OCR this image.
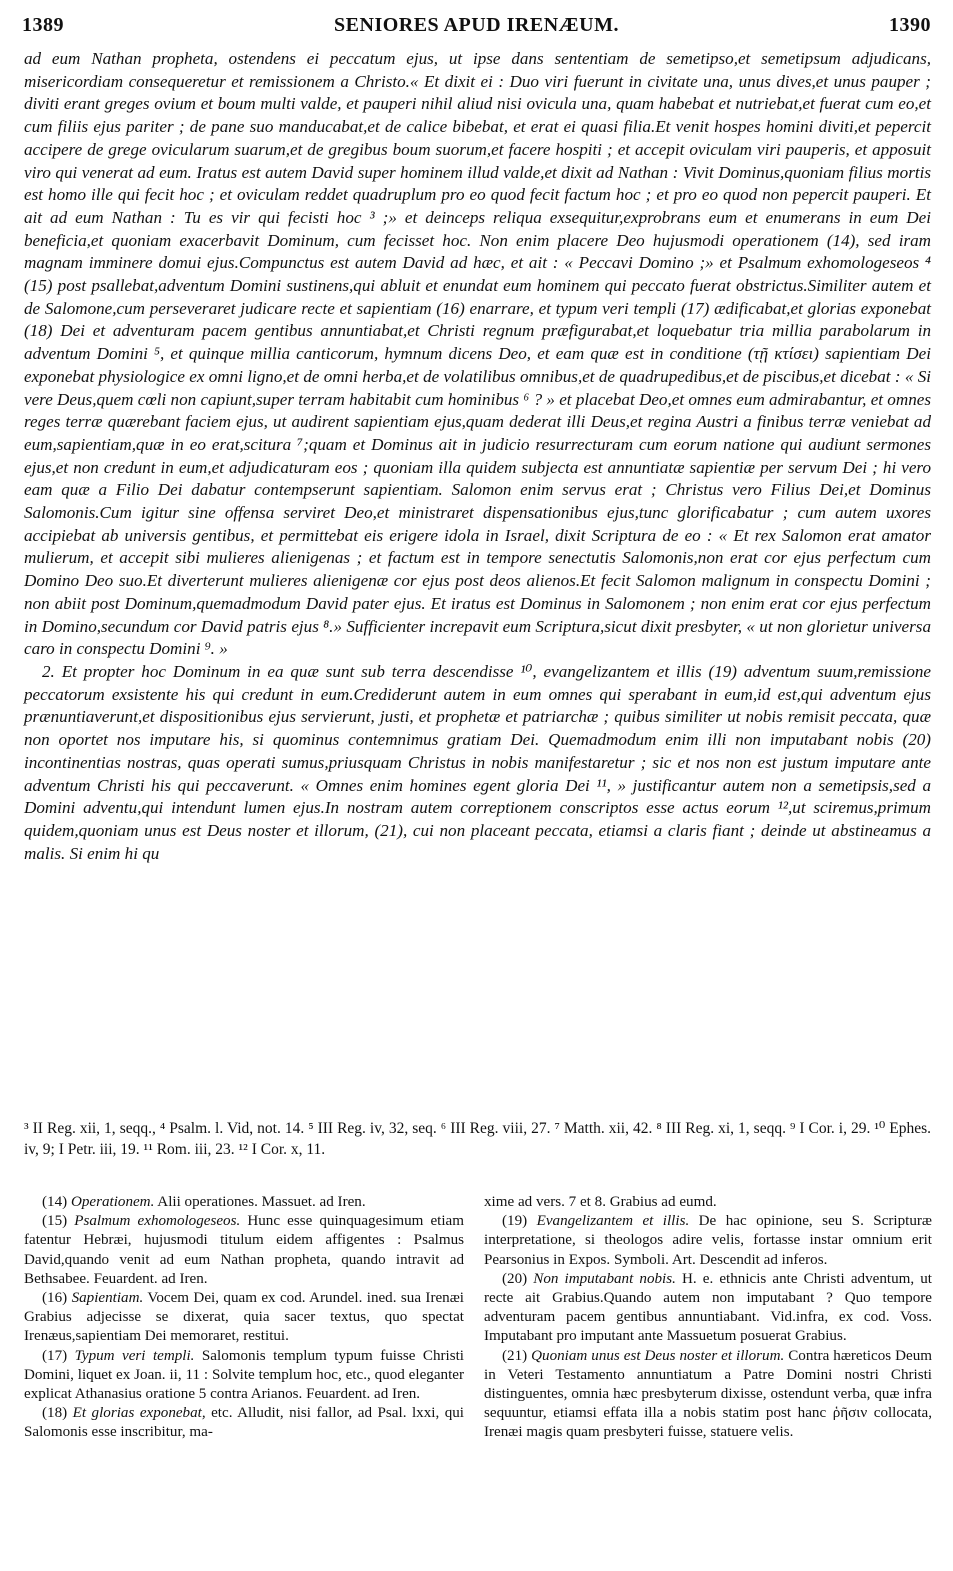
1389	SENIORES APUD IRENÆUM.	1390

ad eum Nathan propheta, ostendens ei peccatum ejus, ut ipse dans sententiam de semetipso,et semetipsum adjudicans, misericordiam consequeretur et remissionem a Christo.« Et dixit ei : Duo viri fuerunt in civitate una, unus dives,et unus pauper ; diviti erant greges ovium et boum multi valde, et pauperi nihil aliud nisi ovicula una, quam habebat et nutriebat,et fuerat cum eo,et cum filiis ejus pariter ; de pane suo manducabat,et de calice bibebat, et erat ei quasi filia.Et venit hospes homini diviti,et pepercit accipere de grege ovicularum suarum,et de gregibus boum suorum,et facere hospiti ; et accepit oviculam viri pauperis, et apposuit viro qui venerat ad eum. Iratus est autem David super hominem illud valde,et dixit ad Nathan : Vivit Dominus,quoniam filius mortis est homo ille qui fecit hoc ; et oviculam reddet quadruplum pro eo quod fecit factum hoc ; et pro eo quod non pepercit pauperi. Et ait ad eum Nathan : Tu es vir qui fecisti hoc ³ ;» et deinceps reliqua exsequitur,exprobrans eum et enumerans in eum Dei beneficia,et quoniam exacerbavit Dominum, cum fecisset hoc. Non enim placere Deo hujusmodi operationem (14), sed iram magnam imminere domui ejus.Compunctus est autem David ad hæc, et ait : « Peccavi Domino ;» et Psalmum exhomologeseos ⁴ (15) post psallebat,adventum Domini sustinens,qui abluit et enundat eum hominem qui peccato fuerat obstrictus.Similiter autem et de Salomone,cum perseveraret judicare recte et sapientiam (16) enarrare, et typum veri templi (17) ædificabat,et glorias exponebat (18) Dei et adventuram pacem gentibus annuntiabat,et Christi regnum præfigurabat,et loquebatur tria millia parabolarum in adventum Domini ⁵, et quinque millia canticorum, hymnum dicens Deo, et eam quæ est in conditione (τῇ κτίσει) sapientiam Dei exponebat physiologice ex omni ligno,et de omni herba,et de volatilibus omnibus,et de quadrupedibus,et de piscibus,et dicebat : « Si vere Deus,quem cœli non capiunt,super terram habitabit cum hominibus ⁶ ? » et placebat Deo,et omnes eum admirabantur, et omnes reges terræ quærebant faciem ejus, ut audirent sapientiam ejus,quam dederat illi Deus,et regina Austri a finibus terræ veniebat ad eum,sapientiam,quæ in eo erat,scitura ⁷;quam et Dominus ait in judicio resurrecturam cum eorum natione qui audiunt sermones ejus,et non credunt in eum,et adjudicaturam eos ; quoniam illa quidem subjecta est annuntiatæ sapientiæ per servum Dei ; hi vero eam quæ a Filio Dei dabatur contempserunt sapientiam. Salomon enim servus erat ; Christus vero Filius Dei,et Dominus Salomonis.Cum igitur sine offensa serviret Deo,et ministraret dispensationibus ejus,tunc glorificabatur ; cum autem uxores accipiebat ab universis gentibus, et permittebat eis erigere idola in Israel, dixit Scriptura de eo : « Et rex Salomon erat amator mulierum, et accepit sibi mulieres alienigenas ; et factum est in tempore senectutis Salomonis,non erat cor ejus perfectum cum Domino Deo suo.Et diverterunt mulieres alienigenæ cor ejus post deos alienos.Et fecit Salomon malignum in conspectu Domini ; non abiit post Dominum,quemadmodum David pater ejus. Et iratus est Dominus in Salomonem ; non enim erat cor ejus perfectum in Domino,secundum cor David patris ejus ⁸.» Sufficienter increpavit eum Scriptura,sicut dixit presbyter, « ut non glorietur universa caro in conspectu Domini ⁹. »

2. Et propter hoc Dominum in ea quæ sunt sub terra descendisse ¹⁰, evangelizantem et illis (19) adventum suum,remissione peccatorum exsistente his qui credunt in eum.Crediderunt autem in eum omnes qui sperabant in eum,id est,qui adventum ejus prænuntiaverunt,et dispositionibus ejus servierunt, justi, et prophetæ et patriarchæ ; quibus similiter ut nobis remisit peccata, quæ non oportet nos imputare his, si quominus contemnimus gratiam Dei. Quemadmodum enim illi non imputabant nobis (20) incontinentias nostras, quas operati sumus,priusquam Christus in nobis manifestaretur ; sic et nos non est justum imputare ante adventum Christi his qui peccaverunt. « Omnes enim homines egent gloria Dei ¹¹, » justificantur autem non a semetipsis,sed a Domini adventu,qui intendunt lumen ejus.In nostram autem correptionem conscriptos esse actus eorum ¹²,ut sciremus,primum quidem,quoniam unus est Deus noster et illorum, (21), cui non placeant peccata, etiamsi a claris fiant ; deinde ut abstineamus a malis. Si enim hi qu

³ II Reg. xii, 1, seqq., ⁴ Psalm. l. Vid, not. 14. ⁵ III Reg. iv, 32, seq. ⁶ III Reg. viii, 27. ⁷ Matth. xii, 42. ⁸ III Reg. xi, 1, seqq. ⁹ I Cor. i, 29. ¹⁰ Ephes. iv, 9; I Petr. iii, 19. ¹¹ Rom. iii, 23. ¹² I Cor. x, 11.

(14) Operationem. Alii operationes. Massuet. ad Iren.

(15) Psalmum exhomologeseos. Hunc esse quinquagesimum etiam fatentur Hebræi, hujusmodi titulum eidem affigentes : Psalmus David,quando venit ad eum Nathan propheta, quando intravit ad Bethsabee. Feuardent. ad Iren.

(16) Sapientiam. Vocem Dei, quam ex cod. Arundel. ined. sua Irenæi Grabius adjecisse se dixerat, quia sacer textus, quo spectat Irenæus,sapientiam Dei memoraret, restitui.

(17) Typum veri templi. Salomonis templum typum fuisse Christi Domini, liquet ex Joan. ii, 11 : Solvite templum hoc, etc., quod eleganter explicat Athanasius oratione 5 contra Arianos. Feuardent. ad Iren.

(18) Et glorias exponebat, etc. Alludit, nisi fallor, ad Psal. lxxi, qui Salomonis esse inscribitur, ma-

xime ad vers. 7 et 8. Grabius ad eumd.

(19) Evangelizantem et illis. De hac opinione, seu S. Scripturæ interpretatione, si theologos adire velis, fortasse instar omnium erit Pearsonius in Expos. Symboli. Art. Descendit ad inferos.

(20) Non imputabant nobis. H. e. ethnicis ante Christi adventum, ut recte ait Grabius.Quando autem non imputabant ? Quo tempore adventuram pacem gentibus annuntiabant. Vid.infra, ex cod. Voss. Imputabant pro imputant ante Massuetum posuerat Grabius.

(21) Quoniam unus est Deus noster et illorum. Contra hæreticos Deum in Veteri Testamento annuntiatum a Patre Domini nostri Christi distinguentes, omnia hæc presbyterum dixisse, ostendunt verba, quæ infra sequuntur, etiamsi effata illa a nobis statim post hanc ῥῆσιν collocata, Irenæi magis quam presbyteri fuisse, statuere velis.
